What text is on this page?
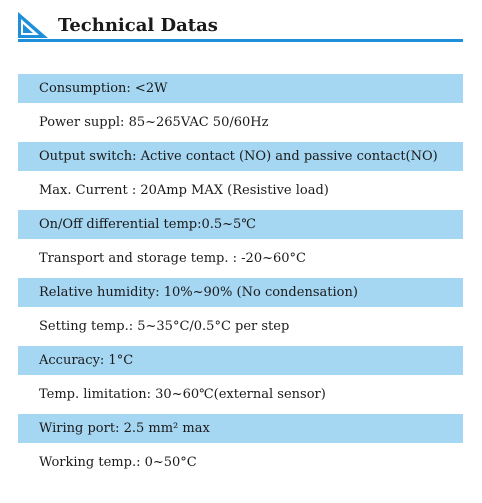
Technical Datas
Consumption: <2W
Power suppl: 85~265VAC 50/60Hz
Output switch: Active contact (NO) and passive contact(NO)
Max. Current : 20Amp MAX (Resistive load)
On/Off differential temp:0.5~5℃
Transport and storage temp. : -20~60°C
Relative humidity: 10%~90% (No condensation)
Setting temp.: 5~35°C/0.5°C per step
Accuracy: 1°C
Temp. limitation: 30~60℃(external sensor)
Wiring port: 2.5 mm² max
Working temp.: 0~50°C
